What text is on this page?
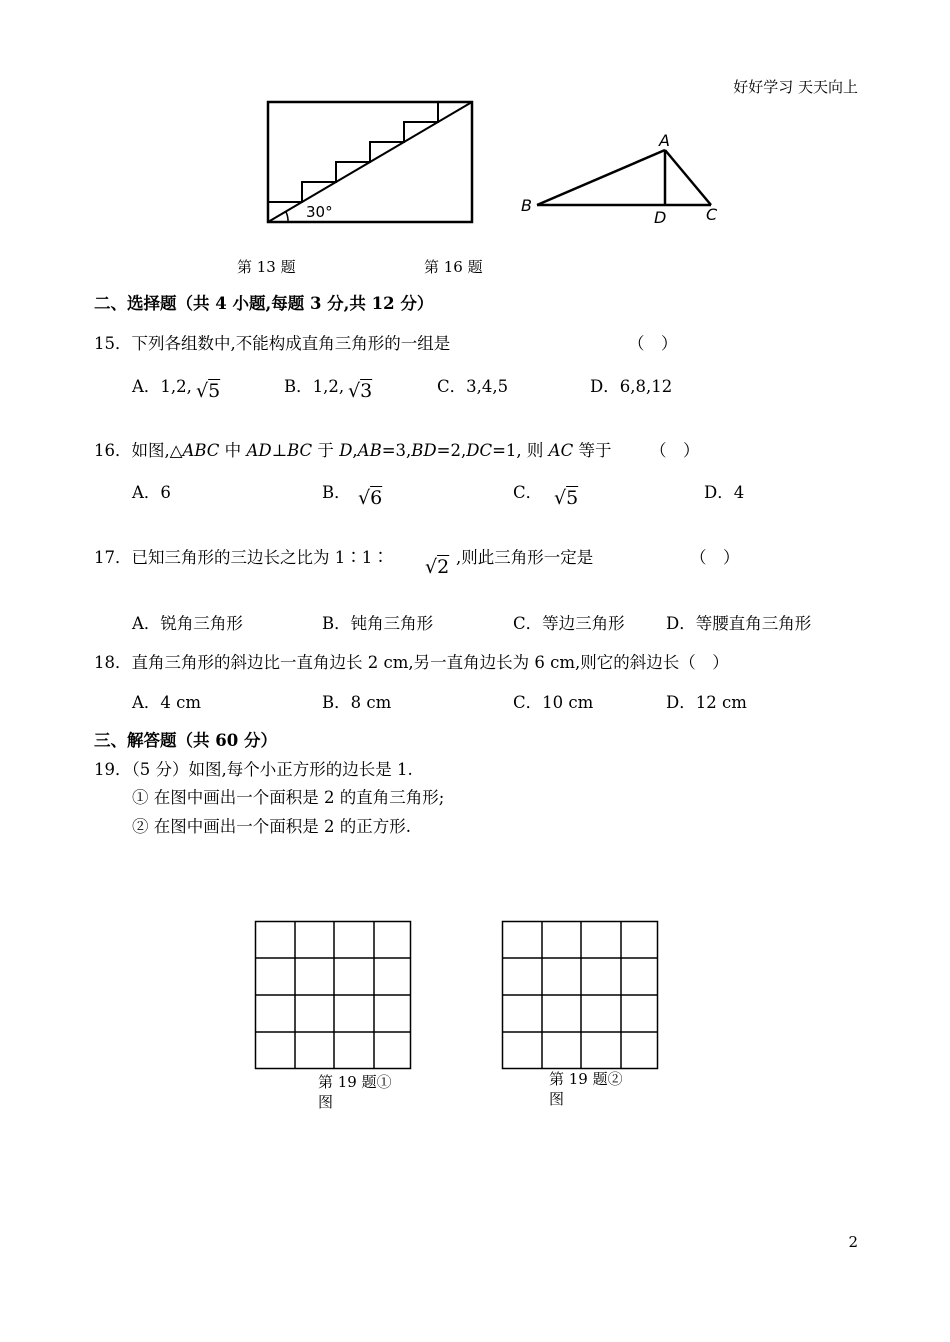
好好学习 天天向上
30°
A
B	C
D
第 13 题	第 16 题
二、选择题（共 4 小题,每题 3 分,共 12 分）
15．下列各组数中,不能构成直角三角形的一组是	（　）
A．1,2, √5	B．1,2, √3	C．3,4,5	D．6,8,12
16．如图,△ABC 中 AD⊥BC 于 D,AB=3,BD=2,DC=1, 则 AC 等于 （　）
A．6	B． √6	C． √5	D．4
17．已知三角形的三边长之比为 1∶1∶ √2 ,则此三角形一定是	（　）
A．锐角三角形	B．钝角三角形	C．等边三角形	D．等腰直角三角形
18．直角三角形的斜边比一直角边长 2 cm,另一直角边长为 6 cm,则它的斜边长（　）
A．4 cm	B．8 cm	C．10 cm	D．12 cm
三、解答题（共 60 分）
19．（5 分）如图,每个小正方形的边长是 1.
① 在图中画出一个面积是 2 的直角三角形;
② 在图中画出一个面积是 2 的正方形.
第 19 题①
图
第 19 题②
图
2
